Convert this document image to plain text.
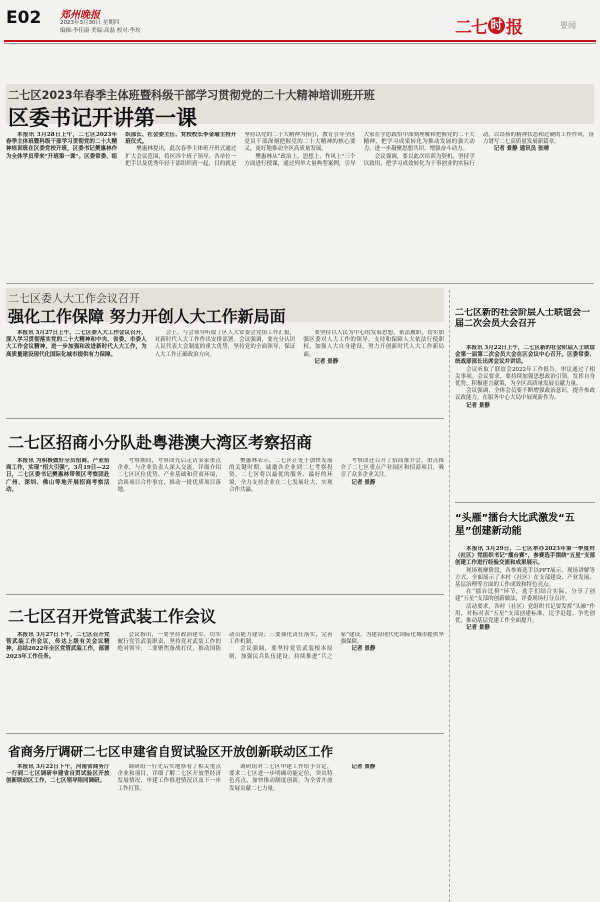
E02 郑州晚报
2023年3月30日 星期四
编辑:李佳康 美编:高磊 校对:李玫	二七 时 报	要闻
二七区2023年春季主体班暨科级干部学习贯彻党的二十大精神培训班开班
区委书记开讲第一课

本报讯 3月28日上午，二七区2023年春季主体班暨科级干部学习贯彻党的二十大精神培训班在区委党校开班，区委书记樊惠林作为全体学员带来“开班第一课”。区委常委、组织部长、社会委主任、党校校长李金瑜主持开班仪式。

樊惠林提出，此次春季主体班开班式通过扩大会议范围，将区四个班子领导、各单位一把手以及优秀年轻干部组织到一起，目的就是坚持以党的二十大精神为指引，教育引导全区党员干部深刻把握党的二十大精神的核心要义，更好地推动全区高质量发展。

樊惠林从“政治上、思想上、作风上”三个方面进行授课，通过列举大量典型案例，引导大家在学思践悟中深刻理解和把握党的二十大精神，把学习成果转化为推动发展的强大动力，进一步凝聚思想共识、增强奋斗动力。

会议强调，要以此次培训为契机，坚持学以致用，把学习成效转化为干事创业的实际行动，以昂扬的精神状态和过硬的工作作风，奋力谱写二七高质量发展新篇章。

记者 景静 通讯员 张晴

二七区委人大工作会议召开
强化工作保障 努力开创人大工作新局面

本报讯 3月27日上午，二七区委人大工作会议召开，深入学习贯彻落实党的二十大精神和中央、省委、市委人大工作会议精神，进一步加强和改进新时代人大工作，为高质量建设现代化国际化城市提供有力保障。

会上，与会领导听取了区人大常委会党组工作汇报，对新时代人大工作作出安排部署。会议强调，要充分认识人民代表大会制度的重大优势，坚持党的全面领导，保证人大工作正确政治方向。

要坚持以人民为中心的发展思想，依法履职，切实加强区委对人大工作的领导，支持和保障人大依法行使职权，加强人大自身建设，努力开创新时代人大工作新局面。

记者 景静

二七区新的社会阶层人士联谊会一届二次会员大会召开

本报讯 3月22日上午，二七区新的社会阶层人士联谊会第一届第二次会员大会在区会议中心召开。区委常委、统战部部长出席会议并讲话。

会议听取了联谊会2022年工作报告，审议通过了相关事项。会议要求，要持续加强思想政治引领，发挥自身优势，积极建言献策，为全区高质量发展贡献力量。

会议强调，全体会员要不断增强政治意识，提升参政议政能力，在服务中心大局中展现新作为。

记者 景静

二七区招商小分队赴粤港澳大湾区考察招商

本报讯 为积极做好全员招商、产业招商工作，实现“招大引强”，3月19日—22日，二七区委书记樊惠林带领区考察团赴广州、深圳、佛山等地开展招商考察活动。

考察期间，考察团先后走访多家重点企业，与企业负责人深入交流，详细介绍二七区区位优势、产业基础和营商环境，洽谈项目合作事宜，推动一批优质项目落地。

樊惠林表示，二七区正处于加快发展的关键时期，诚邀各企业到二七考察投资，二七区将以最优的服务、最好的环境，全力支持企业在二七发展壮大，实现合作共赢。

考察团还召开了招商推介会，重点推介了二七区重点产业园区和招商项目，吸引了众多企业关注。

记者 景静

“头雁”擂台大比武激发“五星”创建新动能

本报讯 3月29日，二七区举办2023年第一季度村（社区）党组织书记“擂台赛”，参赛选手围绕“五星”支部创建工作进行经验交流和成果展示。

现场观摩阶段，各参赛选手以PPT展示、现场讲解等方式，全面展示了本村（社区）在支部建设、产业发展、基层治理等方面的工作成效和特色亮点。

在“擂台比拼”环节，选手们结合实际，分享了创建“五星”支部的创新做法，评委现场打分点评。

活动要求，各村（社区）党组织书记要发挥“头雁”作用，对标对表“五星”支部创建标准，比学赶超、争先创优，推动基层党建工作全面提升。

记者 景静

二七区召开党管武装工作会议

本报讯 3月27日下午，二七区召开党管武装工作会议，传达上级有关会议精神，总结2022年全区党管武装工作，部署2023年工作任务。

会议指出，一要坚持政治建军，切实履行党管武装职责，坚持党对武装工作的绝对领导；二要聚焦备战打仗，推动国防动员能力建设；三要强化责任落实，完善工作机制。

会议强调，要坚持党管武装根本原则，加强民兵队伍建设，持续推进“兵之家”建设，为建设现代化国际化城市提供坚强保障。

记者 景静

省商务厅调研二七区申建省自贸试验区开放创新联动区工作

本报讯 3月22日下午，河南省商务厅一行到二七区调研申建省自贸试验区开放创新联动区工作，二七区领导陪同调研。

调研组一行先后实地察看了相关重点企业和项目，详细了解二七区开放型经济发展情况、申建工作推进情况以及下一步工作打算。

调研组对二七区申建工作给予肯定，要求二七区进一步明确功能定位，突出特色亮点，加快推动制度创新，为全省开放发展贡献二七力量。

记者 景静
